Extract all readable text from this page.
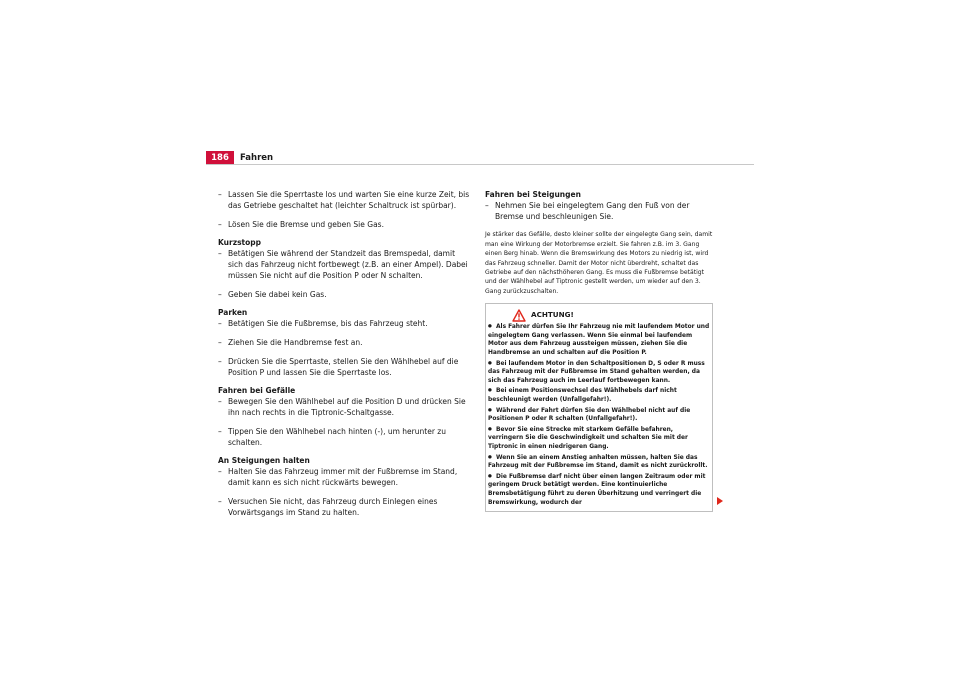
186	Fahren
– Lassen Sie die Sperrtaste los und warten Sie eine kurze Zeit, bis das Getriebe geschaltet hat (leichter Schaltruck ist spürbar).
– Lösen Sie die Bremse und geben Sie Gas.

Kurzstopp

– Betätigen Sie während der Standzeit das Bremspedal, damit sich das Fahrzeug nicht fortbewegt (z.B. an einer Ampel). Dabei müssen Sie nicht auf die Position P oder N schalten.
– Geben Sie dabei kein Gas.

Parken

– Betätigen Sie die Fußbremse, bis das Fahrzeug steht.
– Ziehen Sie die Handbremse fest an.
– Drücken Sie die Sperrtaste, stellen Sie den Wählhebel auf die Position P und lassen Sie die Sperrtaste los.

Fahren bei Gefälle

– Bewegen Sie den Wählhebel auf die Position D und drücken Sie ihn nach rechts in die Tiptronic-Schaltgasse.
– Tippen Sie den Wählhebel nach hinten (-), um herunter zu schalten.

An Steigungen halten

– Halten Sie das Fahrzeug immer mit der Fußbremse im Stand, damit kann es sich nicht rückwärts bewegen.
– Versuchen Sie nicht, das Fahrzeug durch Einlegen eines Vorwärtsgangs im Stand zu halten.

Fahren bei Steigungen

– Nehmen Sie bei eingelegtem Gang den Fuß von der Bremse und beschleunigen Sie.

Je stärker das Gefälle, desto kleiner sollte der eingelegte Gang sein, damit man eine Wirkung der Motorbremse erzielt. Sie fahren z.B. im 3. Gang einen Berg hinab. Wenn die Bremswirkung des Motors zu niedrig ist, wird das Fahrzeug schneller. Damit der Motor nicht überdreht, schaltet das Getriebe auf den nächsthöheren Gang. Es muss die Fußbremse betätigt und der Wählhebel auf Tiptronic gestellt werden, um wieder auf den 3. Gang zurückzuschalten.

ACHTUNG!

● Als Fahrer dürfen Sie Ihr Fahrzeug nie mit laufendem Motor und eingelegtem Gang verlassen. Wenn Sie einmal bei laufendem Motor aus dem Fahrzeug aussteigen müssen, ziehen Sie die Handbremse an und schalten auf die Position P.

● Bei laufendem Motor in den Schaltpositionen D, S oder R muss das Fahrzeug mit der Fußbremse im Stand gehalten werden, da sich das Fahrzeug auch im Leerlauf fortbewegen kann.

● Bei einem Positionswechsel des Wählhebels darf nicht beschleunigt werden (Unfallgefahr!).

● Während der Fahrt dürfen Sie den Wählhebel nicht auf die Positionen P oder R schalten (Unfallgefahr!).

● Bevor Sie eine Strecke mit starkem Gefälle befahren, verringern Sie die Geschwindigkeit und schalten Sie mit der Tiptronic in einen niedrigeren Gang.

● Wenn Sie an einem Anstieg anhalten müssen, halten Sie das Fahrzeug mit der Fußbremse im Stand, damit es nicht zurückrollt.

● Die Fußbremse darf nicht über einen langen Zeitraum oder mit geringem Druck betätigt werden. Eine kontinuierliche Bremsbetätigung führt zu deren Überhitzung und verringert die Bremswirkung, wodurch der
